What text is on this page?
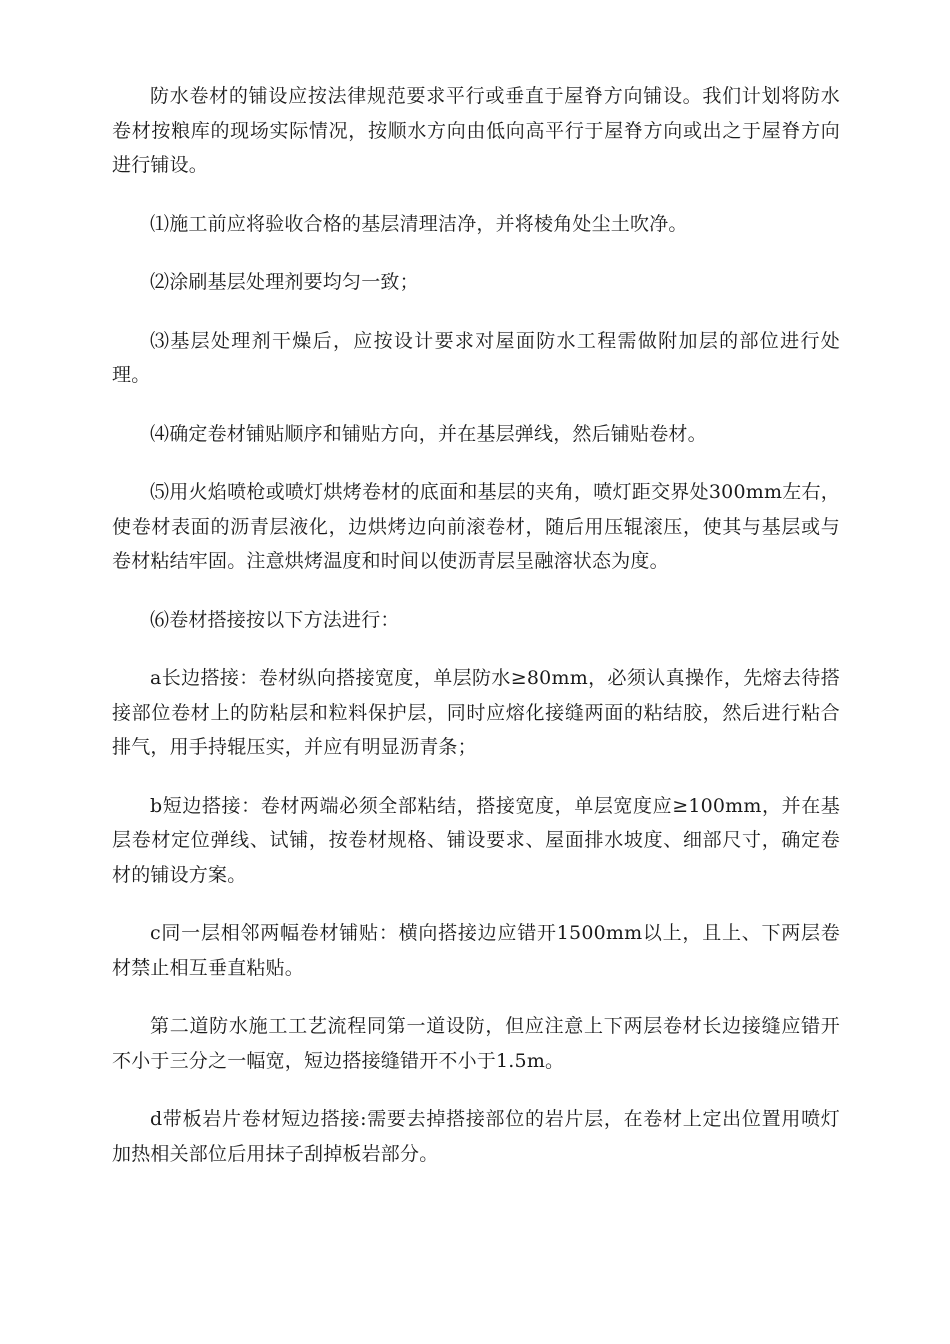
防水卷材的铺设应按法律规范要求平行或垂直于屋脊方向铺设。我们计划将防水卷材按粮库的现场实际情况，按顺水方向由低向高平行于屋脊方向或出之于屋脊方向进行铺设。

⑴施工前应将验收合格的基层清理洁净，并将棱角处尘土吹净。

⑵涂刷基层处理剂要均匀一致；

⑶基层处理剂干燥后，应按设计要求对屋面防水工程需做附加层的部位进行处理。

⑷确定卷材铺贴顺序和铺贴方向，并在基层弹线，然后铺贴卷材。

⑸用火焰喷枪或喷灯烘烤卷材的底面和基层的夹角，喷灯距交界处300mm左右，使卷材表面的沥青层液化，边烘烤边向前滚卷材，随后用压辊滚压，使其与基层或与卷材粘结牢固。注意烘烤温度和时间以使沥青层呈融溶状态为度。

⑹卷材搭接按以下方法进行：

a长边搭接：卷材纵向搭接宽度，单层防水≥80mm，必须认真操作，先熔去待搭接部位卷材上的防粘层和粒料保护层，同时应熔化接缝两面的粘结胶，然后进行粘合排气，用手持辊压实，并应有明显沥青条；

b短边搭接：卷材两端必须全部粘结，搭接宽度，单层宽度应≥100mm，并在基层卷材定位弹线、试铺，按卷材规格、铺设要求、屋面排水坡度、细部尺寸，确定卷材的铺设方案。

c同一层相邻两幅卷材铺贴：横向搭接边应错开1500mm以上，且上、下两层卷材禁止相互垂直粘贴。

第二道防水施工工艺流程同第一道设防，但应注意上下两层卷材长边接缝应错开不小于三分之一幅宽，短边搭接缝错开不小于1.5m。

d带板岩片卷材短边搭接:需要去掉搭接部位的岩片层，在卷材上定出位置用喷灯加热相关部位后用抹子刮掉板岩部分。
